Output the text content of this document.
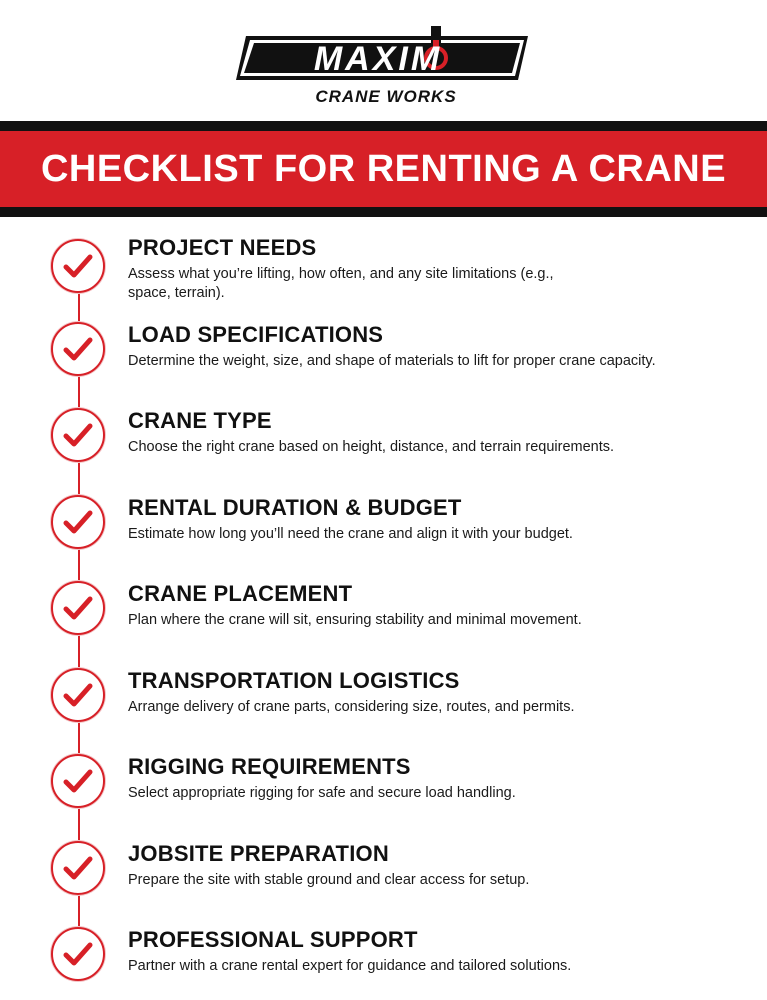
MAXIM
CRANE WORKS
CHECKLIST FOR RENTING A CRANE
PROJECT NEEDS
Assess what you’re lifting, how often, and any site limitations (e.g., space, terrain).
LOAD SPECIFICATIONS
Determine the weight, size, and shape of materials to lift for proper crane capacity.
CRANE TYPE
Choose the right crane based on height, distance, and terrain requirements.
RENTAL DURATION & BUDGET
Estimate how long you’ll need the crane and align it with your budget.
CRANE PLACEMENT
Plan where the crane will sit, ensuring stability and minimal movement.
TRANSPORTATION LOGISTICS
Arrange delivery of crane parts, considering size, routes, and permits.
RIGGING REQUIREMENTS
Select appropriate rigging for safe and secure load handling.
JOBSITE PREPARATION
Prepare the site with stable ground and clear access for setup.
PROFESSIONAL SUPPORT
Partner with a crane rental expert for guidance and tailored solutions.
